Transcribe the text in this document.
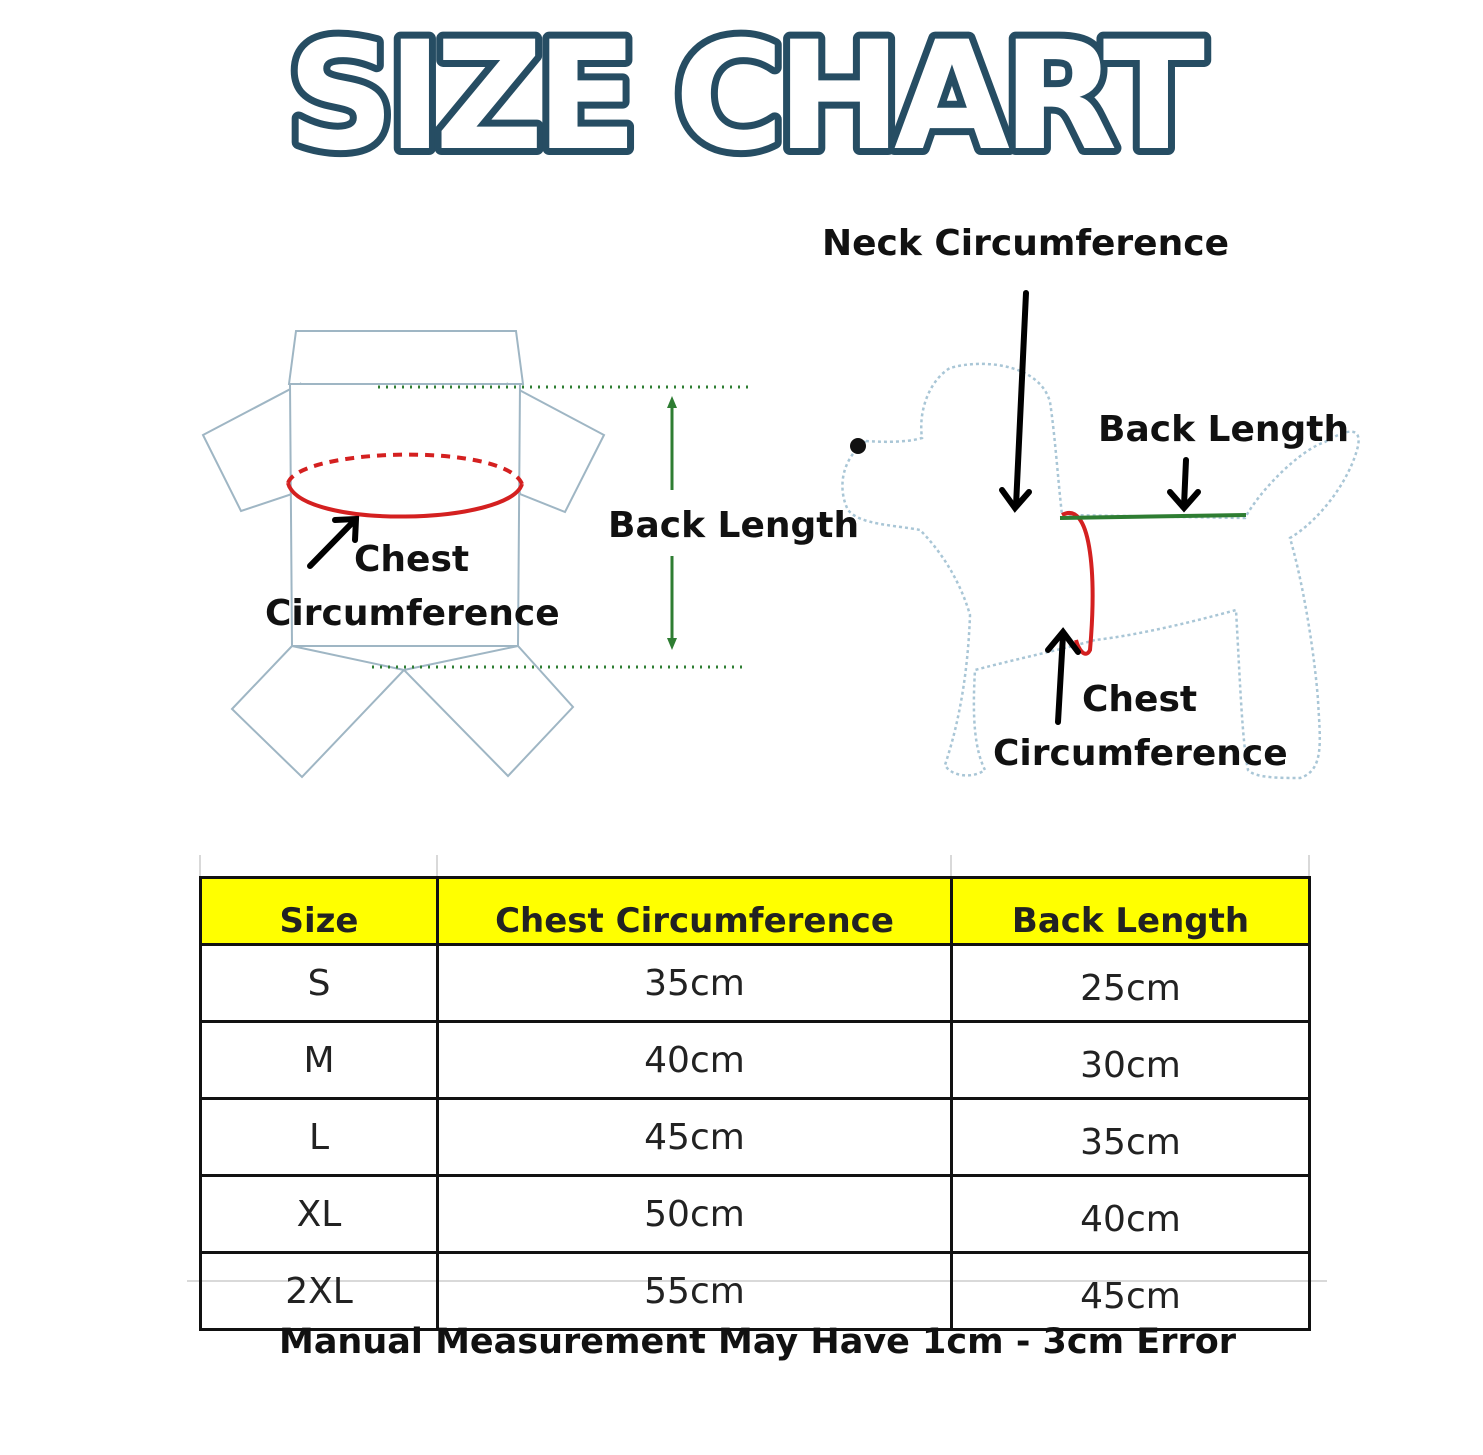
SIZE CHART
Chest
Circumference
Back Length
Neck Circumference
Back Length
Chest
Circumference
Size	Chest Circumference	Back Length
S	35cm	25cm
M	40cm	30cm
L	45cm	35cm
XL	50cm	40cm
2XL	55cm	45cm
Manual Measurement May Have 1cm - 3cm Error
